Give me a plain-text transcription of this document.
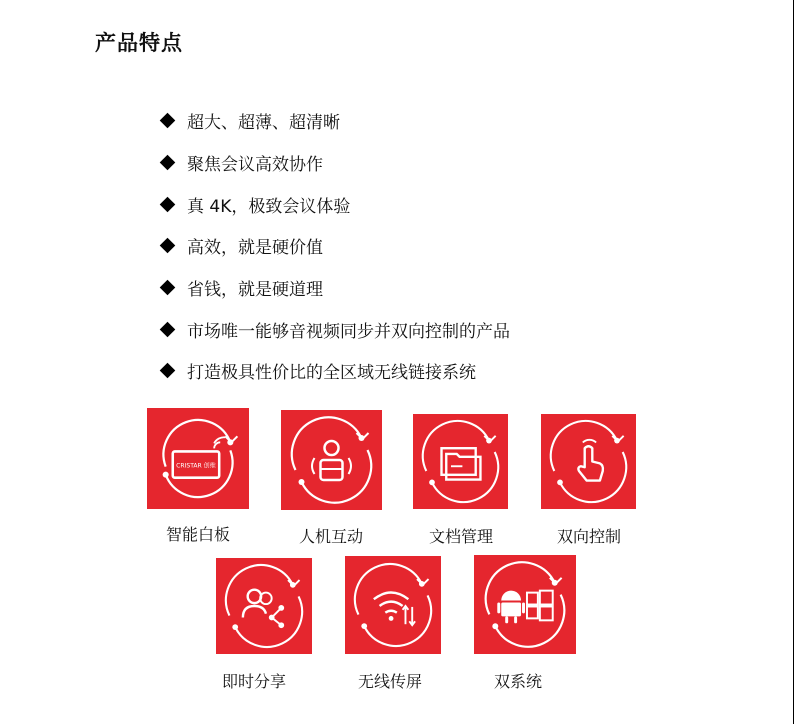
产品特点
超大、超薄、超清晰
聚焦会议高效协作
真 4K，极致会议体验
高效，就是硬价值
省钱，就是硬道理
市场唯一能够音视频同步并双向控制的产品
打造极具性价比的全区域无线链接系统
CRISTAR 创维
智能白板	人机互动	文档管理	双向控制
即时分享	无线传屏	双系统
